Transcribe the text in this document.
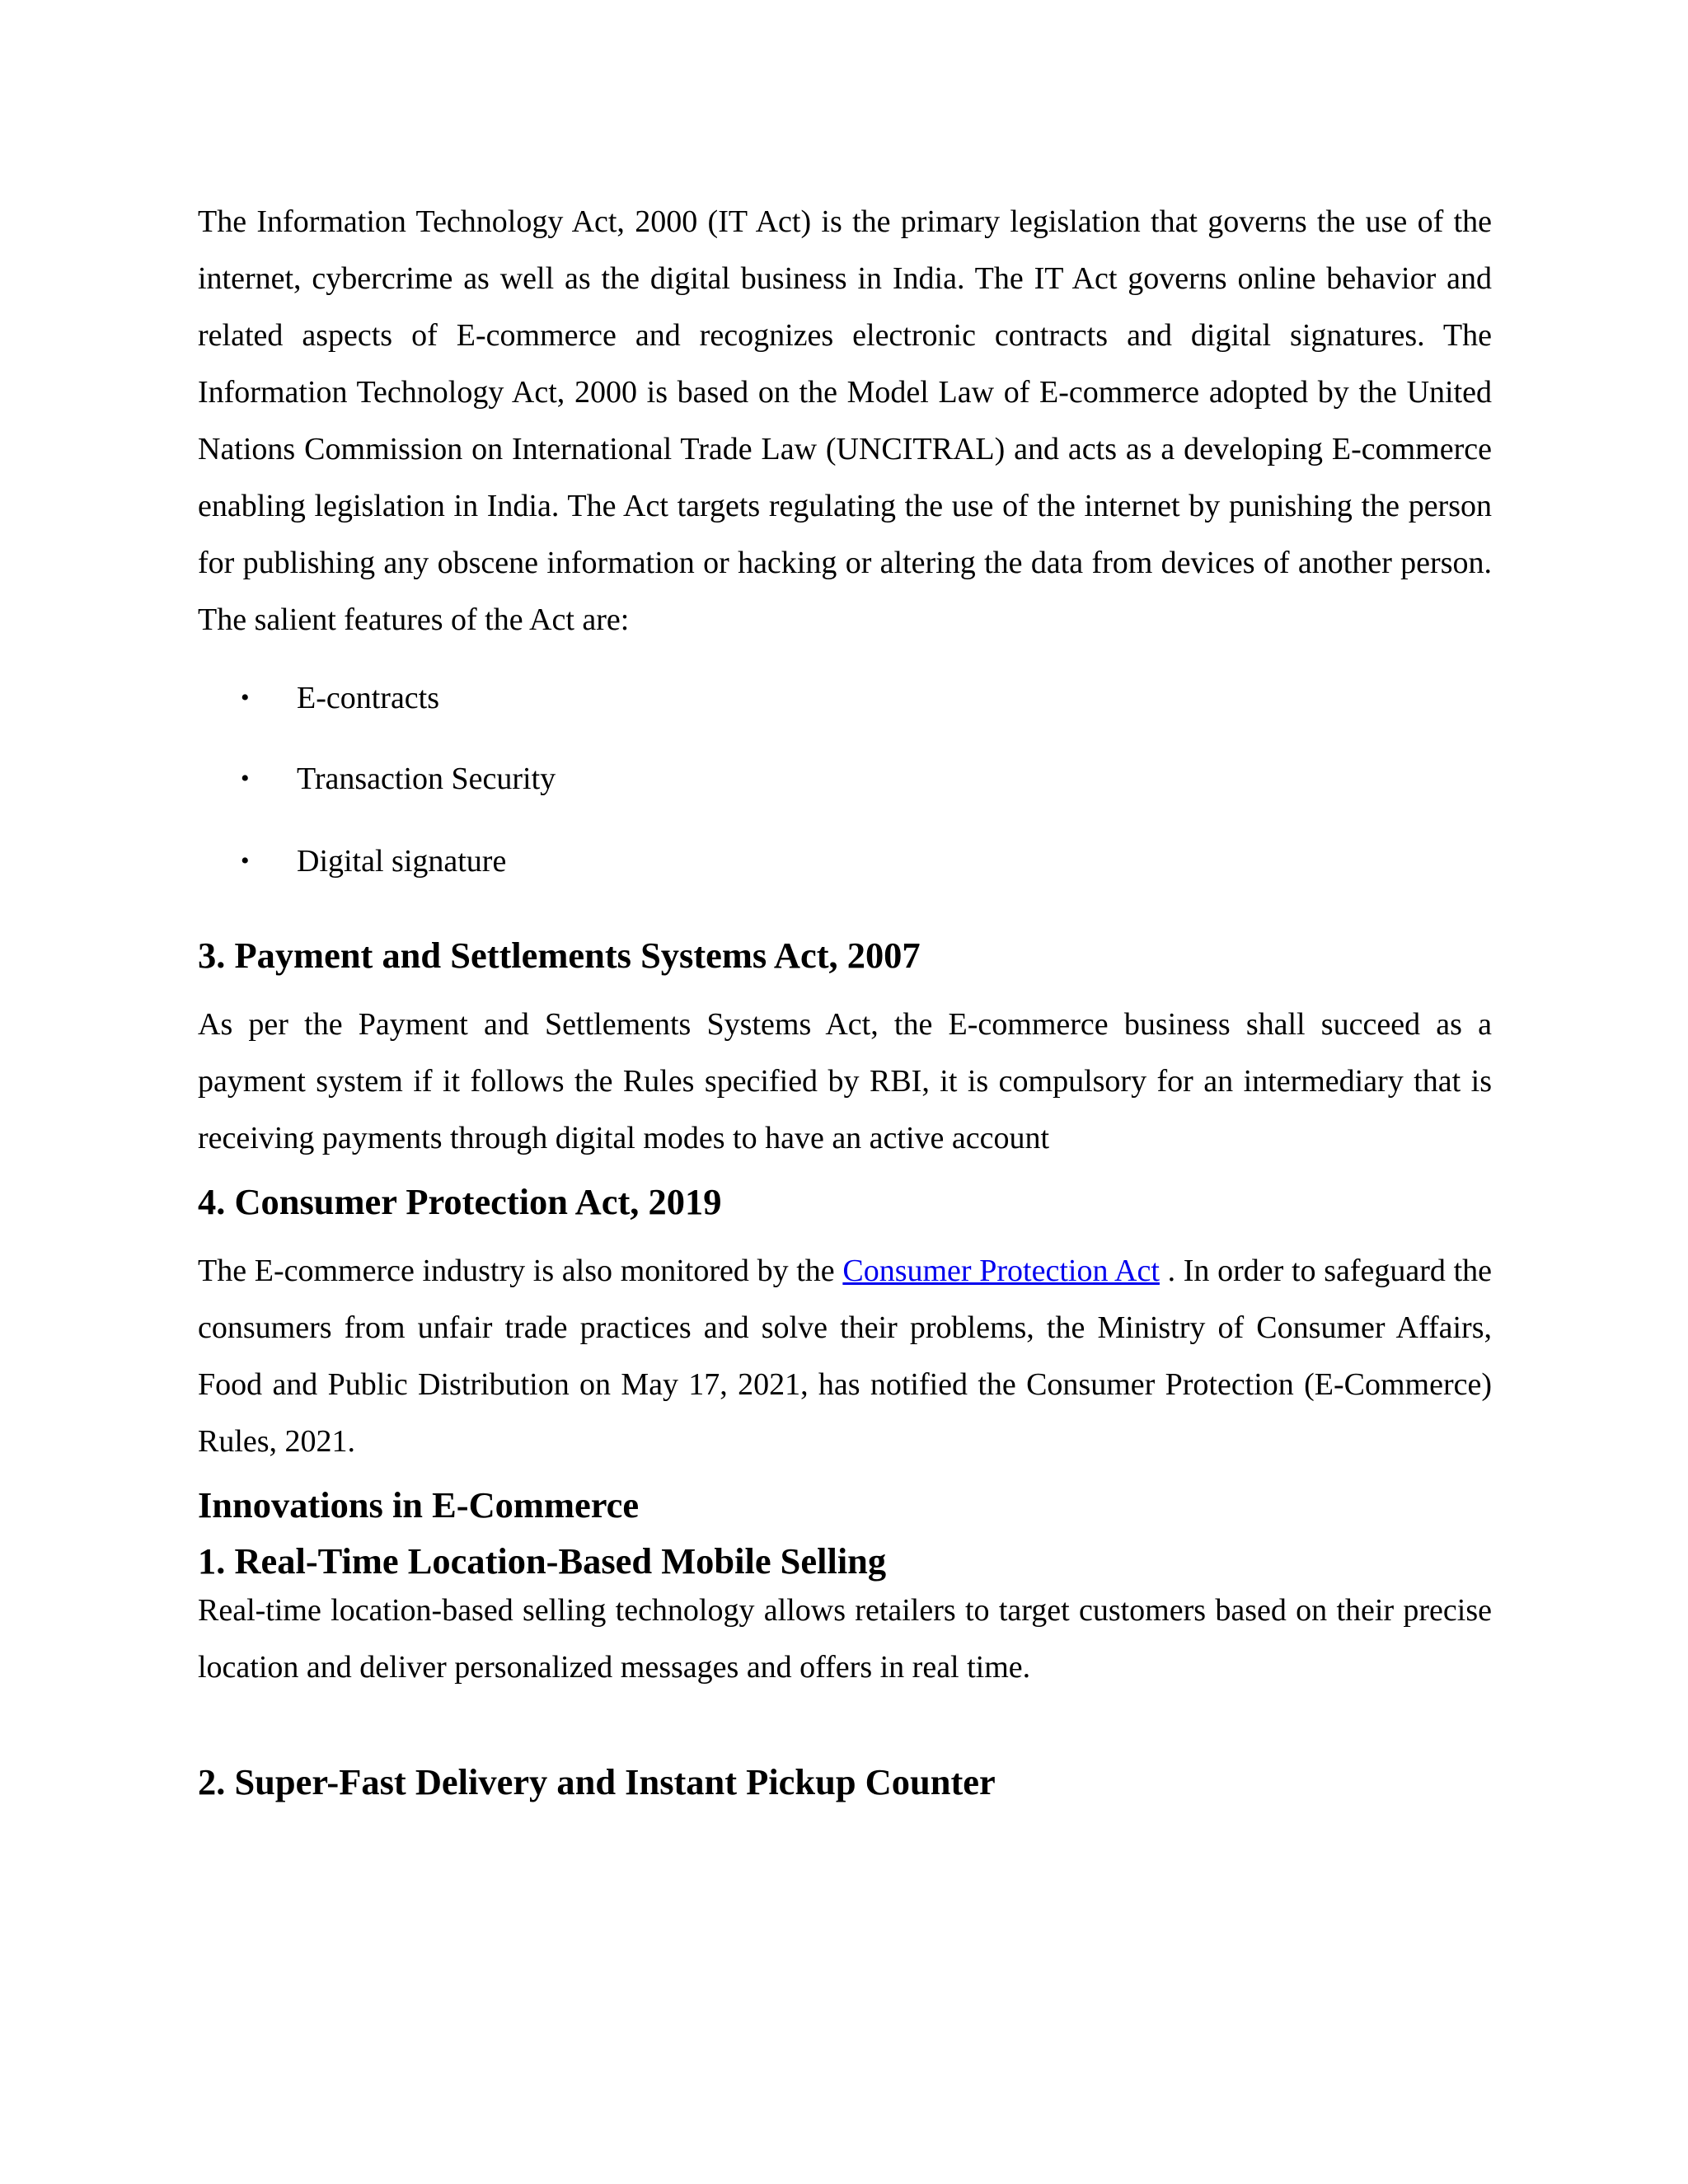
The Information Technology Act, 2000 (IT Act) is the primary legislation that governs the use of the internet, cybercrime as well as the digital business in India. The IT Act governs online behavior and related aspects of E-commerce and recognizes electronic contracts and digital signatures. The Information Technology Act, 2000 is based on the Model Law of E-commerce adopted by the United Nations Commission on International Trade Law (UNCITRAL) and acts as a developing E-commerce enabling legislation in India. The Act targets regulating the use of the internet by punishing the person for publishing any obscene information or hacking or altering the data from devices of another person. The salient features of the Act are:

• E-contracts
• Transaction Security
• Digital signature
3. Payment and Settlements Systems Act, 2007

As per the Payment and Settlements Systems Act, the E-commerce business shall succeed as a payment system if it follows the Rules specified by RBI, it is compulsory for an intermediary that is receiving payments through digital modes to have an active account

4. Consumer Protection Act, 2019

The E-commerce industry is also monitored by the Consumer Protection Act . In order to safeguard the consumers from unfair trade practices and solve their problems, the Ministry of Consumer Affairs, Food and Public Distribution on May 17, 2021, has notified the Consumer Protection (E-Commerce) Rules, 2021.

Innovations in E-Commerce
1. Real-Time Location-Based Mobile Selling

Real-time location-based selling technology allows retailers to target customers based on their precise location and deliver personalized messages and offers in real time.

2. Super-Fast Delivery and Instant Pickup Counter
